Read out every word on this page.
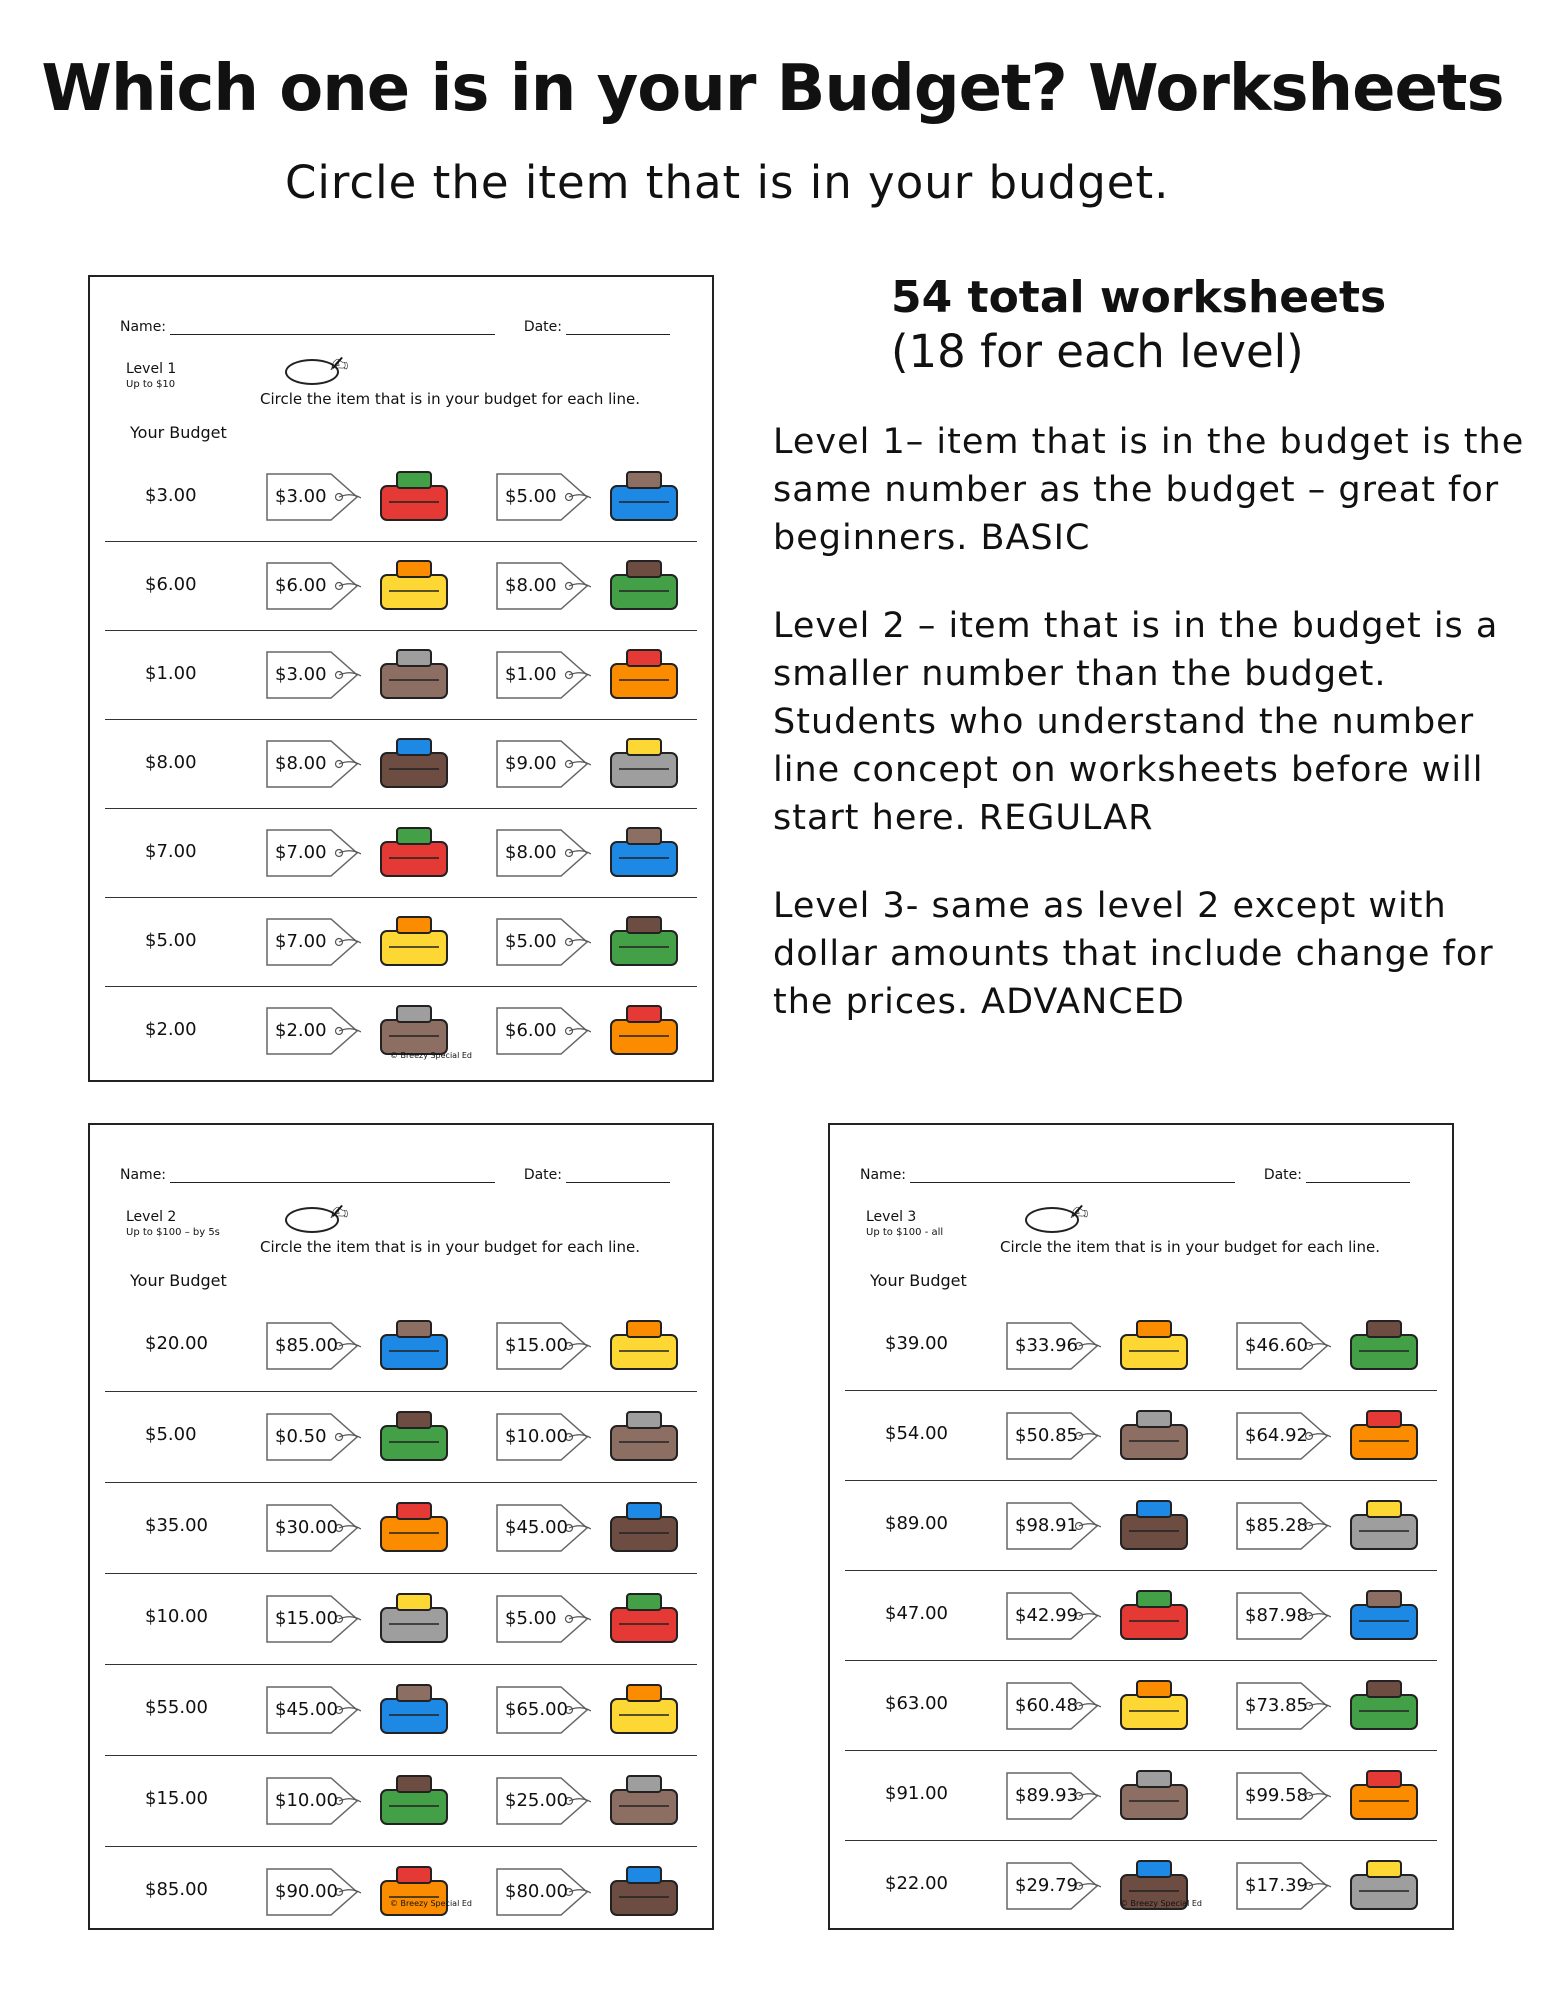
Which one is in your Budget? Worksheets
Circle the item that is in your budget.
54 total worksheets
(18 for each level)
Level 1– item that is in the budget is the same number as the budget – great for beginners. BASIC
Level 2 – item that is in the budget is a smaller number than the budget. Students who understand the number line concept on worksheets before will start here. REGULAR
Level 3- same as level 2 except with dollar amounts that include change for the prices. ADVANCED
Name:	Date:
Level 1
Up to $10
✍
Circle the item that is in your budget for each line.
Your Budget
$3.00	$3.00	$5.00
$6.00	$6.00	$8.00
$1.00	$3.00	$1.00
$8.00	$8.00	$9.00
$7.00	$7.00	$8.00
$5.00	$7.00	$5.00
$2.00	$2.00	$6.00
© Breezy Special Ed
Name:	Date:
Level 2
Up to $100 – by 5s
✍
Circle the item that is in your budget for each line.
Your Budget
$20.00	$85.00	$15.00
$5.00	$0.50	$10.00
$35.00	$30.00	$45.00
$10.00	$15.00	$5.00
$55.00	$45.00	$65.00
$15.00	$10.00	$25.00
$85.00	$90.00	$80.00
© Breezy Special Ed
Name:	Date:
Level 3
Up to $100 - all
✍
Circle the item that is in your budget for each line.
Your Budget
$39.00	$33.96	$46.60
$54.00	$50.85	$64.92
$89.00	$98.91	$85.28
$47.00	$42.99	$87.98
$63.00	$60.48	$73.85
$91.00	$89.93	$99.58
$22.00	$29.79	$17.39
© Breezy Special Ed
